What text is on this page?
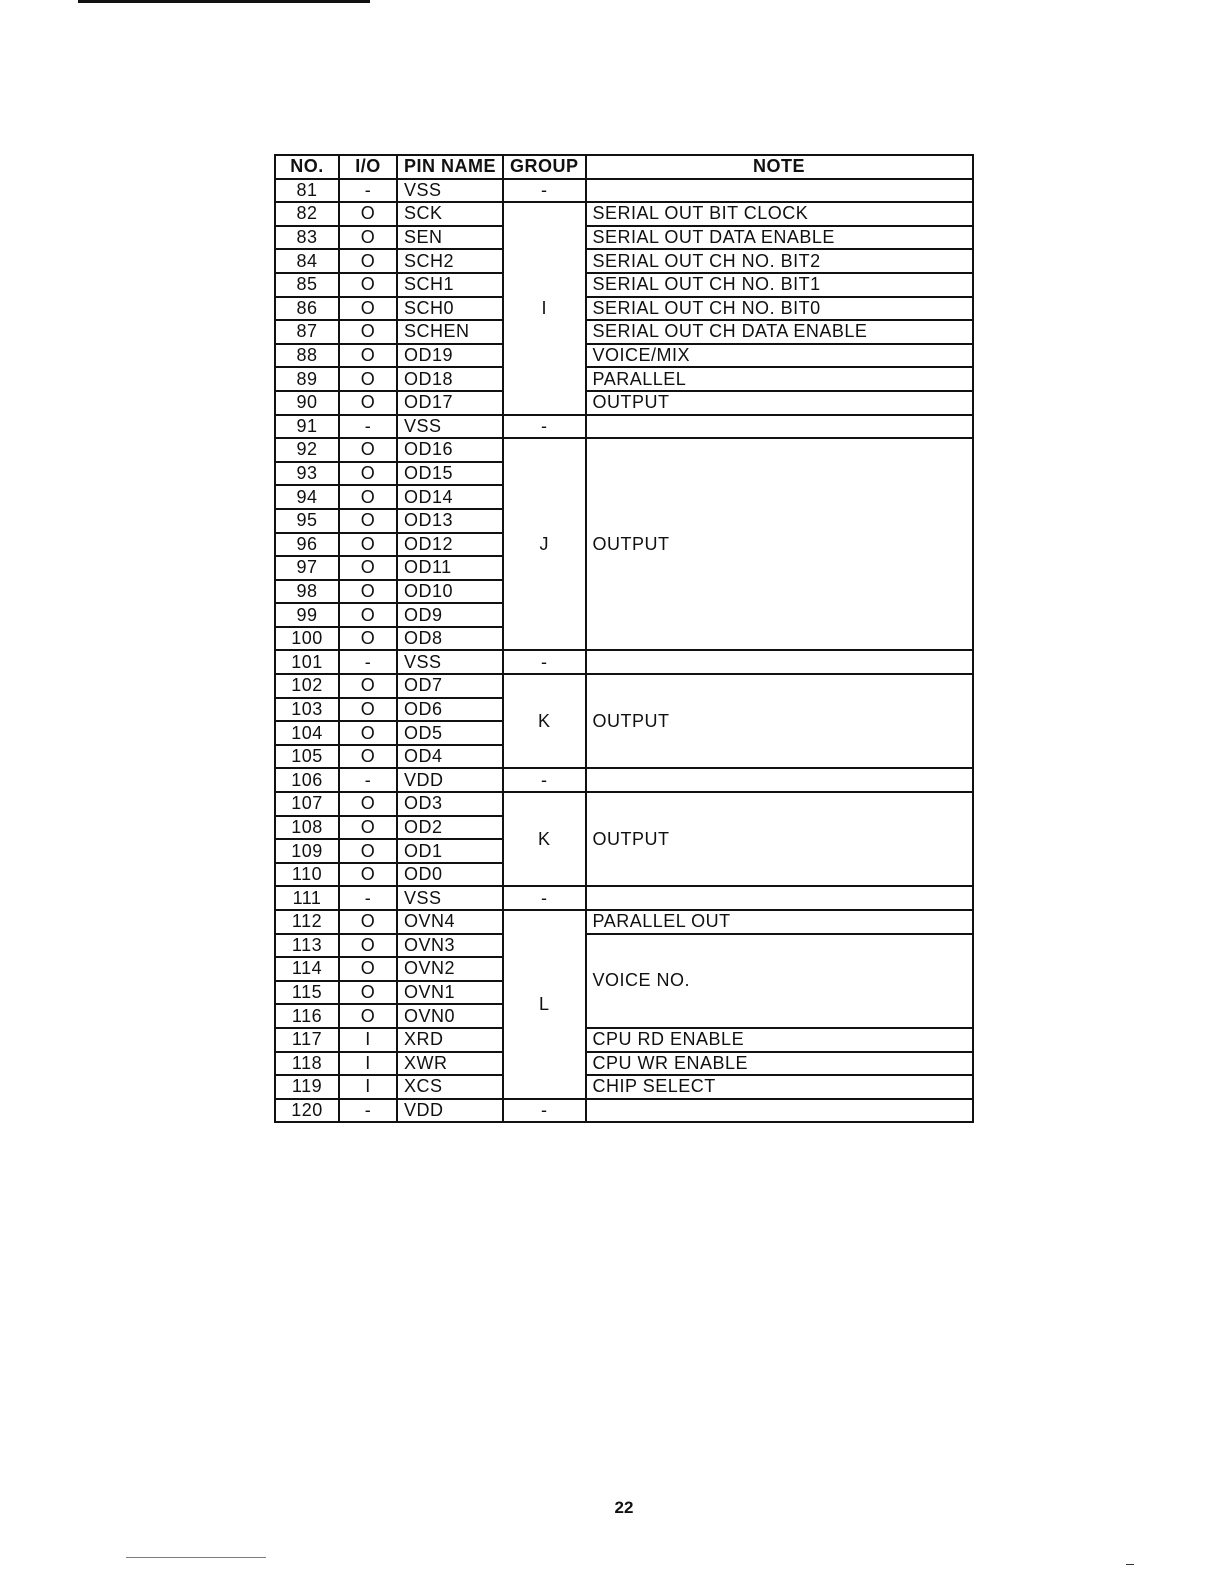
NO.	I/O	PIN NAME	GROUP	NOTE
81	-	VSS	-	
82	O	SCK	I	SERIAL OUT BIT CLOCK
83	O	SEN		SERIAL OUT DATA ENABLE
84	O	SCH2		SERIAL OUT CH NO. BIT2
85	O	SCH1		SERIAL OUT CH NO. BIT1
86	O	SCH0		SERIAL OUT CH NO. BIT0
87	O	SCHEN		SERIAL OUT CH DATA ENABLE
88	O	OD19		VOICE/MIX
89	O	OD18		PARALLEL
90	O	OD17		OUTPUT
91	-	VSS	-	
92	O	OD16	J	OUTPUT
93	O	OD15		
94	O	OD14		
95	O	OD13		
96	O	OD12		
97	O	OD11		
98	O	OD10		
99	O	OD9		
100	O	OD8		
101	-	VSS	-	
102	O	OD7	K	OUTPUT
103	O	OD6		
104	O	OD5		
105	O	OD4		
106	-	VDD	-	
107	O	OD3	K	OUTPUT
108	O	OD2		
109	O	OD1		
110	O	OD0		
111	-	VSS	-	
112	O	OVN4	L	PARALLEL OUT
113	O	OVN3		VOICE NO.
114	O	OVN2		
115	O	OVN1		
116	O	OVN0		
117	I	XRD		CPU RD ENABLE
118	I	XWR		CPU WR ENABLE
119	I	XCS		CHIP SELECT
120	-	VDD	-	
22
